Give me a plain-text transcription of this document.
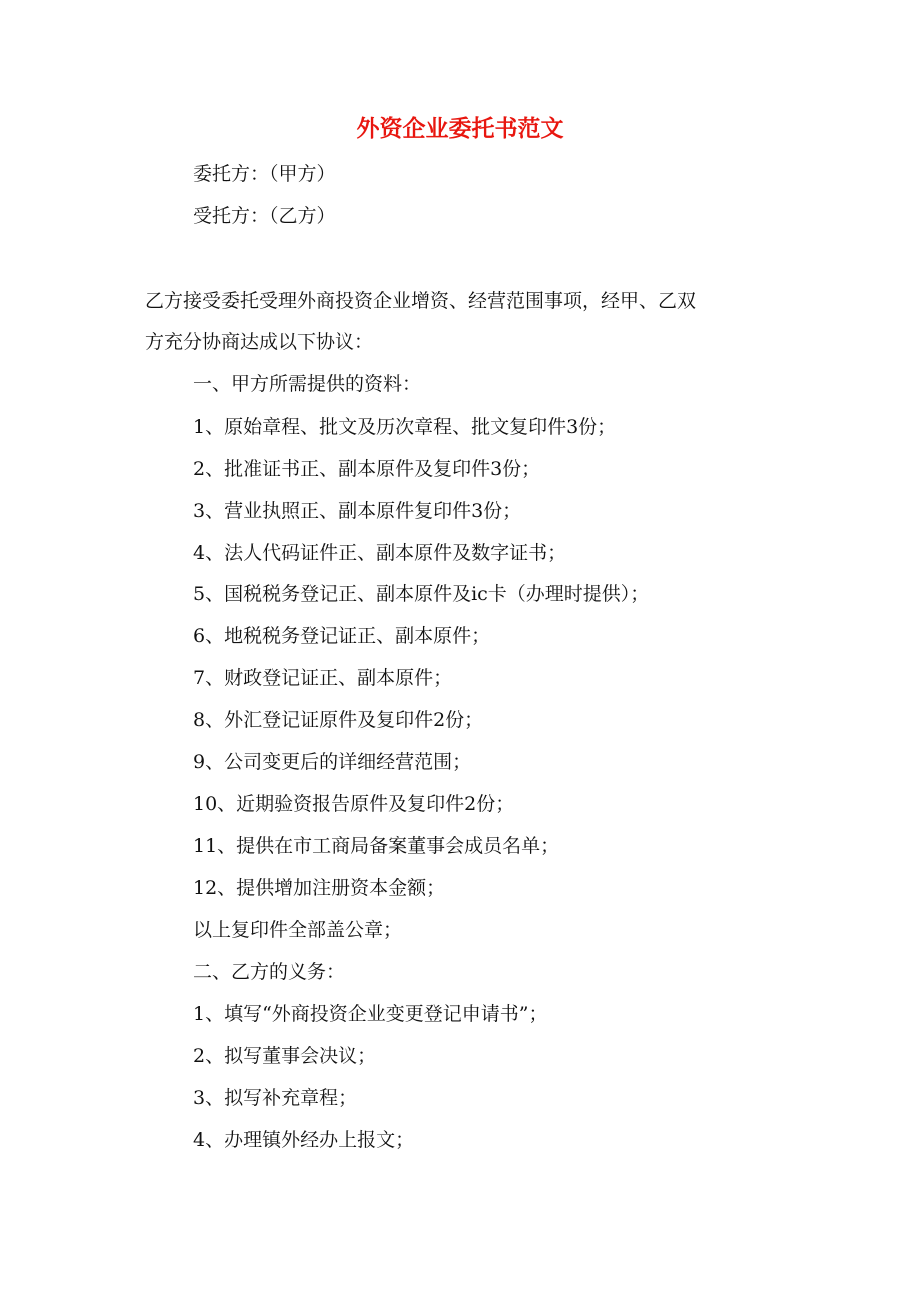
外资企业委托书范文

委托方：（甲方）

受托方：（乙方）

乙方接受委托受理外商投资企业增资、经营范围事项，经甲、乙双

方充分协商达成以下协议：

一、甲方所需提供的资料：

1、原始章程、批文及历次章程、批文复印件3份；

2、批准证书正、副本原件及复印件3份；

3、营业执照正、副本原件复印件3份；

4、法人代码证件正、副本原件及数字证书；

5、国税税务登记正、副本原件及ic卡（办理时提供）；

6、地税税务登记证正、副本原件；

7、财政登记证正、副本原件；

8、外汇登记证原件及复印件2份；

9、公司变更后的详细经营范围；

10、近期验资报告原件及复印件2份；

11、提供在市工商局备案董事会成员名单；

12、提供增加注册资本金额；

以上复印件全部盖公章；

二、乙方的义务：

1、填写“外商投资企业变更登记申请书”；

2、拟写董事会决议；

3、拟写补充章程；

4、办理镇外经办上报文；
